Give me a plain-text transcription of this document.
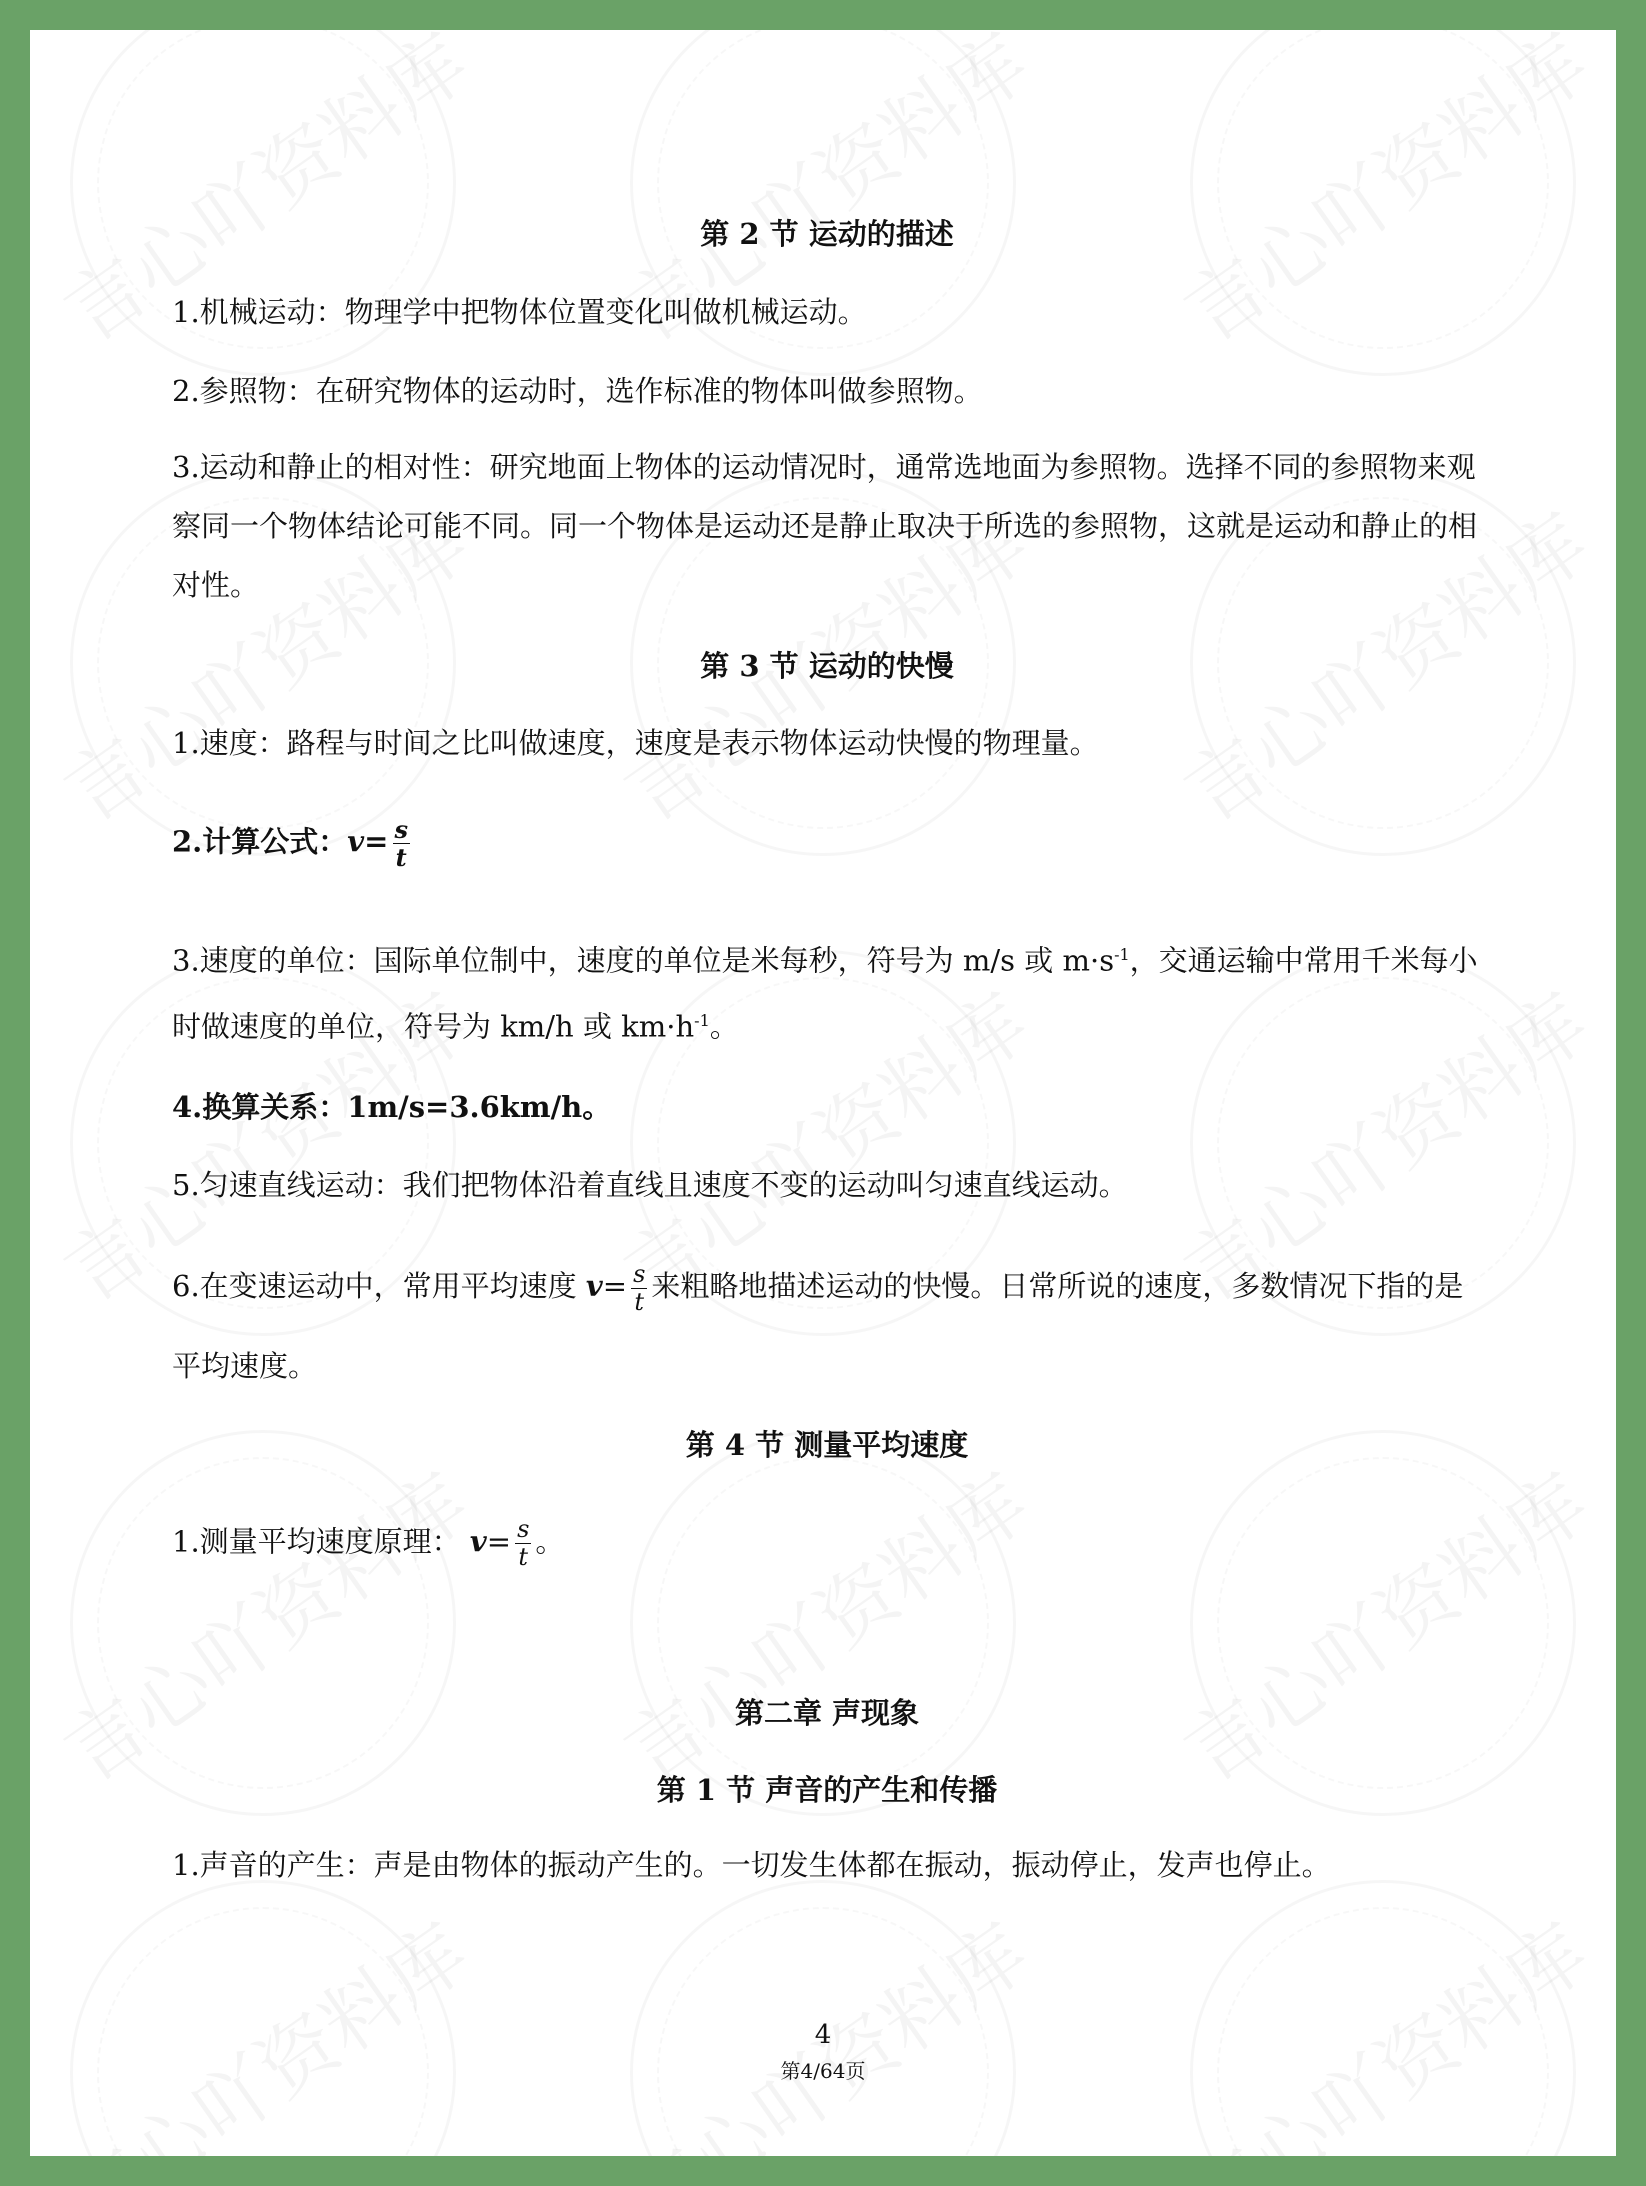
第 2 节 运动的描述
1.机械运动：物理学中把物体位置变化叫做机械运动。
2.参照物：在研究物体的运动时，选作标准的物体叫做参照物。
3.运动和静止的相对性：研究地面上物体的运动情况时，通常选地面为参照物。选择不同的参照物来观察同一个物体结论可能不同。同一个物体是运动还是静止取决于所选的参照物，这就是运动和静止的相对性。
第 3 节 运动的快慢
1.速度：路程与时间之比叫做速度，速度是表示物体运动快慢的物理量。
2.计算公式：$v= \frac{s}{t}$
3.速度的单位：国际单位制中，速度的单位是米每秒，符号为 m/s 或 $m\cdot s^{-1}$，交通运输中常用千米每小时做速度的单位，符号为 km/h 或 $km\cdot h^{-1}$。
4.换算关系：1m/s=3.6km/h。
5.匀速直线运动：我们把物体沿着直线且速度不变的运动叫匀速直线运动。
6.在变速运动中，常用平均速度 $v= \frac{s}{t}$ 来粗略地描述运动的快慢。日常所说的速度，多数情况下指的是平均速度。
第 4 节 测量平均速度
1.测量平均速度原理： $v= \frac{s}{t}$ 。
第二章 声现象
第 1 节 声音的产生和传播
1.声音的产生：声是由物体的振动产生的。一切发生体都在振动，振动停止，发声也停止。
4
第4/64页
